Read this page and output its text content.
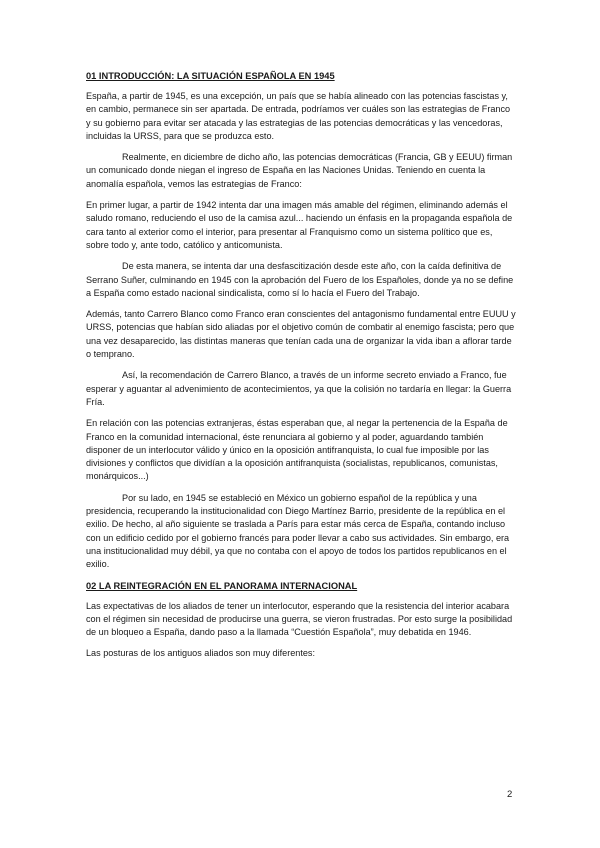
01 INTRODUCCIÓN: LA SITUACIÓN ESPAÑOLA EN 1945

España, a partir de 1945, es una excepción, un país que se había alineado con las potencias fascistas y, en cambio, permanece sin ser apartada. De entrada, podríamos ver cuáles son las estrategias de Franco y su gobierno para evitar ser atacada y las estrategias de las potencias democráticas y las vencedoras, incluidas la URSS, para que se produzca esto.

Realmente, en diciembre de dicho año, las potencias democráticas (Francia, GB y EEUU) firman un comunicado donde niegan el ingreso de España en las Naciones Unidas. Teniendo en cuenta la anomalía española, vemos las estrategias de Franco:

En primer lugar, a partir de 1942 intenta dar una imagen más amable del régimen, eliminando además el saludo romano, reduciendo el uso de la camisa azul... haciendo un énfasis en la propaganda española de cara tanto al exterior como el interior, para presentar al Franquismo como un sistema político que es, sobre todo y, ante todo, católico y anticomunista.

De esta manera, se intenta dar una desfascitización desde este año, con la caída definitiva de Serrano Suñer, culminando en 1945 con la aprobación del Fuero de los Españoles, donde ya no se define a España como estado nacional sindicalista, como sí lo hacía el Fuero del Trabajo.

Además, tanto Carrero Blanco como Franco eran conscientes del antagonismo fundamental entre EUUU y URSS, potencias que habían sido aliadas por el objetivo común de combatir al enemigo fascista; pero que una vez desaparecido, las distintas maneras que tenían cada una de organizar la vida iban a aflorar tarde o temprano.

Así, la recomendación de Carrero Blanco, a través de un informe secreto enviado a Franco, fue esperar y aguantar al advenimiento de acontecimientos, ya que la colisión no tardaría en llegar: la Guerra Fría.

En relación con las potencias extranjeras, éstas esperaban que, al negar la pertenencia de la España de Franco en la comunidad internacional, éste renunciara al gobierno y al poder, aguardando también disponer de un interlocutor válido y único en la oposición antifranquista, lo cual fue imposible por las divisiones y conflictos que dividían a la oposición antifranquista (socialistas, republicanos, comunistas, monárquicos...)

Por su lado, en 1945 se estableció en México un gobierno español de la república y una presidencia, recuperando la institucionalidad con Diego Martínez Barrio, presidente de la república en el exilio. De hecho, al año siguiente se traslada a París para estar más cerca de España, contando incluso con un edificio cedido por el gobierno francés para poder llevar a cabo sus actividades. Sin embargo, era una institucionalidad muy débil, ya que no contaba con el apoyo de todos los partidos republicanos en el exilio.

02 LA REINTEGRACIÓN EN EL PANORAMA INTERNACIONAL

Las expectativas de los aliados de tener un interlocutor, esperando que la resistencia del interior acabara con el régimen sin necesidad de producirse una guerra, se vieron frustradas. Por esto surge la posibilidad de un bloqueo a España, dando paso a la llamada “Cuestión Española”, muy debatida en 1946.

Las posturas de los antiguos aliados son muy diferentes:

2
